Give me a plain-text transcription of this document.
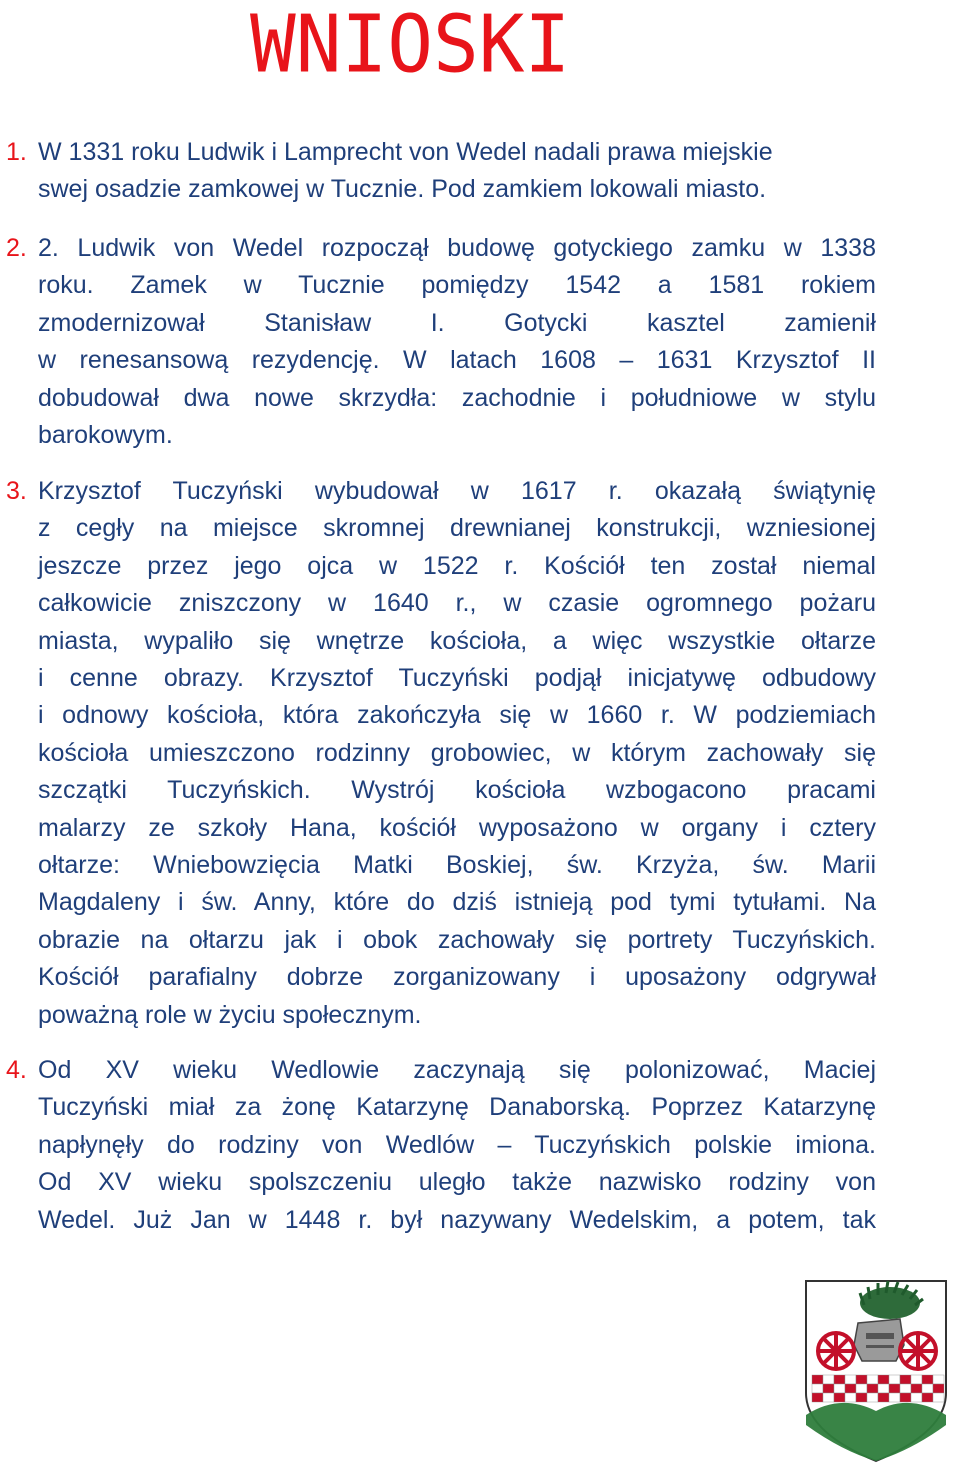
WNIOSKI
1. W 1331 roku Ludwik i Lamprecht von Wedel nadali prawa miejskie
swej osadzie zamkowej w Tucznie. Pod zamkiem lokowali miasto.
2. 2. Ludwik von Wedel rozpoczął budowę gotyckiego zamku w 1338
roku. Zamek w Tucznie pomiędzy 1542 a 1581 rokiem
zmodernizował Stanisław I. Gotycki kasztel zamienił
w renesansową rezydencję. W latach 1608 – 1631 Krzysztof II
dobudował dwa nowe skrzydła: zachodnie i południowe w stylu
barokowym.
3. Krzysztof Tuczyński wybudował w 1617 r. okazałą świątynię
z cegły na miejsce skromnej drewnianej konstrukcji, wzniesionej
jeszcze przez jego ojca w 1522 r. Kościół ten został niemal
całkowicie zniszczony w 1640 r., w czasie ogromnego pożaru
miasta, wypaliło się wnętrze kościoła, a więc wszystkie ołtarze
i cenne obrazy. Krzysztof Tuczyński podjął inicjatywę odbudowy
i odnowy kościoła, która zakończyła się w 1660 r. W podziemiach
kościoła umieszczono rodzinny grobowiec, w którym zachowały się
szczątki Tuczyńskich. Wystrój kościoła wzbogacono pracami
malarzy ze szkoły Hana, kościół wyposażono w organy i cztery
ołtarze: Wniebowzięcia Matki Boskiej, św. Krzyża, św. Marii
Magdaleny i św. Anny, które do dziś istnieją pod tymi tytułami. Na
obrazie na ołtarzu jak i obok zachowały się portrety Tuczyńskich.
Kościół parafialny dobrze zorganizowany i uposażony odgrywał
poważną role w życiu społecznym.
4. Od XV wieku Wedlowie zaczynają się polonizować, Maciej
Tuczyński miał za żonę Katarzynę Danaborską. Poprzez Katarzynę
napłynęły do rodziny von Wedlów – Tuczyńskich polskie imiona.
Od XV wieku spolszczeniu uległo także nazwisko rodziny von
Wedel. Już Jan w 1448 r. był nazywany Wedelskim, a potem, tak
